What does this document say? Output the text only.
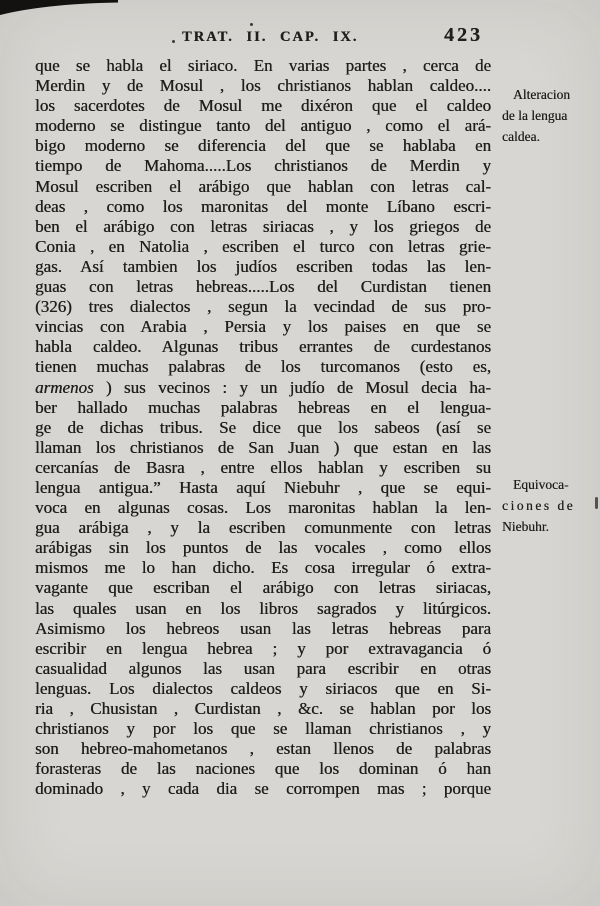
TRAT. II. CAP. IX.	423
que se habla el siriaco. En varias partes , cerca de
Merdin y de Mosul , los christianos hablan caldeo....
los sacerdotes de Mosul me dixéron que el caldeo
moderno se distingue tanto del antiguo , como el ará-
bigo moderno se diferencia del que se hablaba en
tiempo de Mahoma.....Los christianos de Merdin y
Mosul escriben el arábigo que hablan con letras cal-
deas , como los maronitas del monte Líbano escri-
ben el arábigo con letras siriacas , y los griegos de
Conia , en Natolia , escriben el turco con letras grie-
gas. Así tambien los judíos escriben todas las len-
guas con letras hebreas.....Los del Curdistan tienen
(326) tres dialectos , segun la vecindad de sus pro-
vincias con Arabia , Persia y los paises en que se
habla caldeo. Algunas tribus errantes de curdestanos
tienen muchas palabras de los turcomanos (esto es,
armenos ) sus vecinos : y un judío de Mosul decia ha-
ber hallado muchas palabras hebreas en el lengua-
ge de dichas tribus. Se dice que los sabeos (así se
llaman los christianos de San Juan ) que estan en las
cercanías de Basra , entre ellos hablan y escriben su
lengua antigua.” Hasta aquí Niebuhr , que se equi-
voca en algunas cosas. Los maronitas hablan la len-
gua arábiga , y la escriben comunmente con letras
arábigas sin los puntos de las vocales , como ellos
mismos me lo han dicho. Es cosa irregular ó extra-
vagante que escriban el arábigo con letras siriacas,
las quales usan en los libros sagrados y litúrgicos.
Asimismo los hebreos usan las letras hebreas para
escribir en lengua hebrea ; y por extravagancia ó
casualidad algunos las usan para escribir en otras
lenguas. Los dialectos caldeos y siriacos que en Si-
ria , Chusistan , Curdistan , &c. se hablan por los
christianos y por los que se llaman christianos , y
son hebreo-mahometanos , estan llenos de palabras
forasteras de las naciones que los dominan ó han
dominado , y cada dia se corrompen mas ; porque
Alteracion
de la lengua
caldea.
Equivoca-
ciones de
Niebuhr.
